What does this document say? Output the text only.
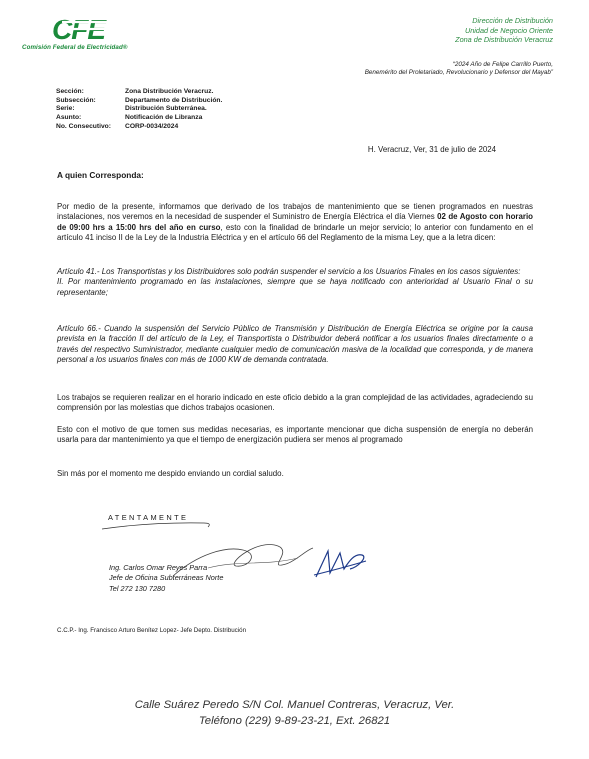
CFE
Comisión Federal de Electricidad®
Dirección de Distribución
Unidad de Negocio Oriente
Zona de Distribución Veracruz
“2024 Año de Felipe Carrillo Puerto,
Benemérito del Proletariado, Revolucionario y Defensor del Mayab”
Sección:	Zona Distribución Veracruz.
Subsección:	Departamento de Distribución.
Serie:	Distribución Subterránea.
Asunto:	Notificación de Libranza
No. Consecutivo:	CORP-0034/2024
H. Veracruz, Ver, 31 de julio de 2024
A quien Corresponda:

Por medio de la presente, informamos que derivado de los trabajos de mantenimiento que se tienen programados en nuestras instalaciones, nos veremos en la necesidad de suspender el Suministro de Energía Eléctrica el día Viernes 02 de Agosto con horario de 09:00 hrs a 15:00 hrs del año en curso, esto con la finalidad de brindarle un mejor servicio; lo anterior con fundamento en el artículo 41 inciso II de la Ley de la Industria Eléctrica y en el artículo 66 del Reglamento de la misma Ley, que a la letra dicen:

Artículo 41.- Los Transportistas y los Distribuidores solo podrán suspender el servicio a los Usuarios Finales en los casos siguientes:
II. Por mantenimiento programado en las instalaciones, siempre que se haya notificado con anterioridad al Usuario Final o su representante;

Artículo 66.- Cuando la suspensión del Servicio Público de Transmisión y Distribución de Energía Eléctrica se origine por la causa prevista en la fracción II del artículo de la Ley, el Transportista o Distribuidor deberá notificar a los usuarios finales directamente o a través del respectivo Suministrador, mediante cualquier medio de comunicación masiva de la localidad que corresponda, y de manera personal a los usuarios finales con más de 1000 KW de demanda contratada.

Los trabajos se requieren realizar en el horario indicado en este oficio debido a la gran complejidad de las actividades, agradeciendo su comprensión por las molestias que dichos trabajos ocasionen.

Esto con el motivo de que tomen sus medidas necesarias, es importante mencionar que dicha suspensión de energía no deberán usarla para dar mantenimiento ya que el tiempo de energización pudiera ser menos al programado

Sin más por el momento me despido enviando un cordial saludo.

ATENTAMENTE
Ing. Carlos Omar Reyes Parra
Jefe de Oficina Subterráneas Norte
Tel 272 130 7280
C.C.P.- Ing. Francisco Arturo Benítez Lopez- Jefe Depto. Distribución
Calle Suárez Peredo S/N Col. Manuel Contreras, Veracruz, Ver.
Teléfono (229) 9-89-23-21, Ext. 26821
